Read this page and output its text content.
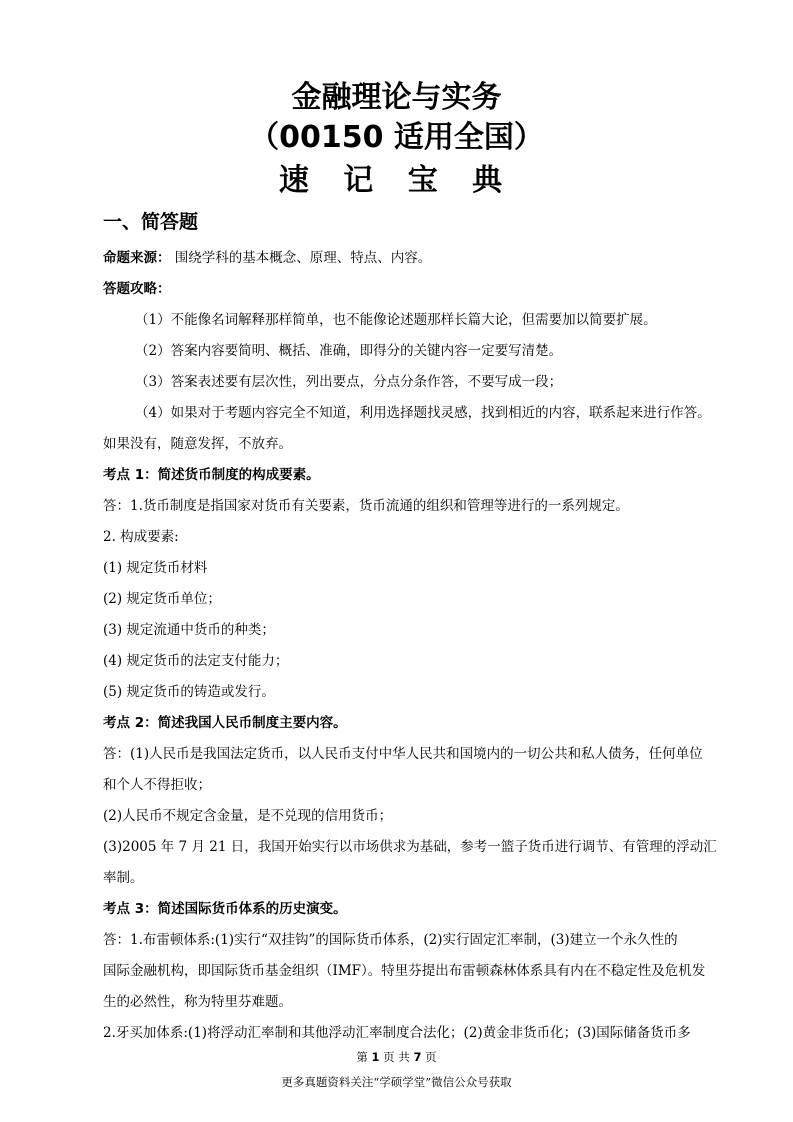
金融理论与实务
（00150 适用全国）
速 记 宝 典
一、简答题
命题来源： 围绕学科的基本概念、原理、特点、内容。
答题攻略：
（1）不能像名词解释那样简单，也不能像论述题那样长篇大论，但需要加以简要扩展。
（2）答案内容要简明、概括、准确，即得分的关键内容一定要写清楚。
（3）答案表述要有层次性，列出要点，分点分条作答，不要写成一段；
（4）如果对于考题内容完全不知道，利用选择题找灵感，找到相近的内容，联系起来进行作答。
如果没有，随意发挥，不放弃。
考点 1：简述货币制度的构成要素。
答：1.货币制度是指国家对货币有关要素，货币流通的组织和管理等进行的一系列规定。
2. 构成要素:
(1) 规定货币材料
(2) 规定货币单位；
(3) 规定流通中货币的种类；
(4) 规定货币的法定支付能力；
(5) 规定货币的铸造或发行。
考点 2：简述我国人民币制度主要内容。
答：(1)人民币是我国法定货币，以人民币支付中华人民共和国境内的一切公共和私人债务，任何单位
和个人不得拒收；
(2)人民币不规定含金量，是不兑现的信用货币；
(3)2005 年 7 月 21 日，我国开始实行以市场供求为基础，参考一篮子货币进行调节、有管理的浮动汇
率制。
考点 3：简述国际货币体系的历史演变。
答：1.布雷顿体系:(1)实行“双挂钩”的国际货币体系，(2)实行固定汇率制，(3)建立一个永久性的
国际金融机构，即国际货币基金组织（IMF）。特里芬提出布雷顿森林体系具有内在不稳定性及危机发
生的必然性，称为特里芬难题。
2.牙买加体系:(1)将浮动汇率制和其他浮动汇率制度合法化；(2)黄金非货币化；(3)国际储备货币多
第 1 页 共 7 页
更多真题资料关注“学硕学堂”微信公众号获取
